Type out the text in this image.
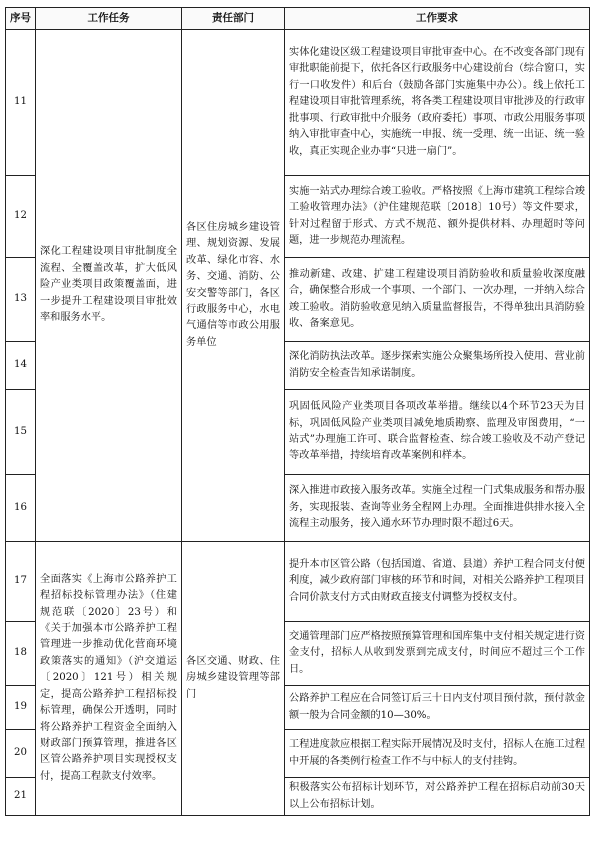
序号	工作任务	责任部门	工作要求
11	深化工程建设项目审批制度全流程、全覆盖改革，扩大低风险产业类项目政策覆盖面，进一步提升工程建设项目审批效率和服务水平。	各区住房城乡建设管理、规划资源、发展改革、绿化市容、水务、交通、消防、公安交警等部门，各区行政服务中心，水电气通信等市政公用服务单位	实体化建设区级工程建设项目审批审查中心。在不改变各部门现有审批职能前提下，依托各区行政服务中心建设前台（综合窗口，实行一口收发件）和后台（鼓励各部门实施集中办公）。线上依托工程建设项目审批管理系统，将各类工程建设项目审批涉及的行政审批事项、行政审批中介服务（政府委托）事项、市政公用服务事项纳入审批审查中心，实施统一申报、统一受理、统一出证、统一验收，真正实现企业办事“只进一扇门”。
12			实施一站式办理综合竣工验收。严格按照《上海市建筑工程综合竣工验收管理办法》（沪住建规范联〔2018〕10号）等文件要求，针对过程留于形式、方式不规范、额外提供材料、办理超时等问题，进一步规范办理流程。
13			推动新建、改建、扩建工程建设项目消防验收和质量验收深度融合，确保整合形成一个事项、一个部门、一次办理，一并纳入综合竣工验收。消防验收意见纳入质量监督报告，不得单独出具消防验收、备案意见。
14			深化消防执法改革。逐步探索实施公众聚集场所投入使用、营业前消防安全检查告知承诺制度。
15			巩固低风险产业类项目各项改革举措。继续以4个环节23天为目标，巩固低风险产业类项目减免地质勘察、监理及审图费用，“一站式”办理施工许可、联合监督检查、综合竣工验收及不动产登记等改革举措，持续培育改革案例和样本。
16			深入推进市政接入服务改革。实施全过程一门式集成服务和帮办服务，实现报装、查询等业务全程网上办理。全面推进供排水接入全流程主动服务，接入通水环节办理时限不超过6天。
17	全面落实《上海市公路养护工程招标投标管理办法》（住建规范联〔2020〕23号）和《关于加强本市公路养护工程管理进一步推动优化营商环境政策落实的通知》（沪交道运〔2020〕121号）相关规定，提高公路养护工程招标投标管理，确保公开透明，同时将公路养护工程资金全面纳入财政部门预算管理，推进各区区管公路养护项目实现授权支付，提高工程款支付效率。	各区交通、财政、住房城乡建设管理等部门	提升本市区管公路（包括国道、省道、县道）养护工程合同支付便利度，减少政府部门审核的环节和时间，对相关公路养护工程项目合同价款支付方式由财政直接支付调整为授权支付。
18			交通管理部门应严格按照预算管理和国库集中支付相关规定进行资金支付，招标人从收到发票到完成支付，时间应不超过三个工作日。
19			公路养护工程应在合同签订后三十日内支付项目预付款，预付款金额一般为合同金额的10—30%。
20			工程进度款应根据工程实际开展情况及时支付，招标人在施工过程中开展的各类例行检查工作不与中标人的支付挂钩。
21			积极落实公布招标计划环节，对公路养护工程在招标启动前30天以上公布招标计划。
